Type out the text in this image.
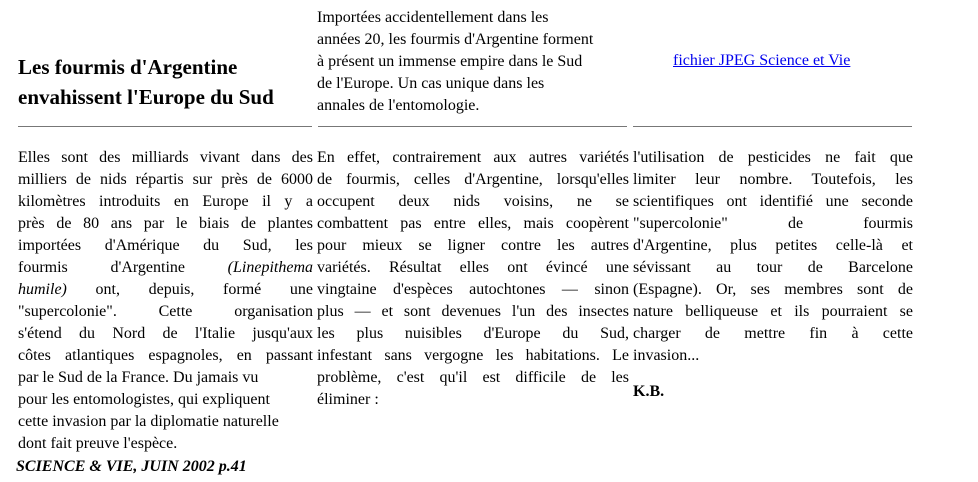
Les fourmis d'Argentine
envahissent l'Europe du Sud
Importées accidentellement dans les
années 20, les fourmis d'Argentine forment
à présent un immense empire dans le Sud
de l'Europe. Un cas unique dans les
annales de l'entomologie.
fichier JPEG Science et Vie
Elles sont des milliards vivant dans des
milliers de nids répartis sur près de 6000
kilomètres introduits en Europe il y a
près de 80 ans par le biais de plantes
importées d'Amérique du Sud, les
fourmis d'Argentine (Linepithema
humile) ont, depuis, formé une
"supercolonie". Cette organisation
s'étend du Nord de l'Italie jusqu'aux
côtes atlantiques espagnoles, en passant
par le Sud de la France. Du jamais vu
pour les entomologistes, qui expliquent
cette invasion par la diplomatie naturelle
dont fait preuve l'espèce.
En effet, contrairement aux autres variétés
de fourmis, celles d'Argentine, lorsqu'elles
occupent deux nids voisins, ne se
combattent pas entre elles, mais coopèrent
pour mieux se ligner contre les autres
variétés. Résultat elles ont évincé une
vingtaine d'espèces autochtones — sinon
plus — et sont devenues l'un des insectes
les plus nuisibles d'Europe du Sud,
infestant sans vergogne les habitations. Le
problème, c'est qu'il est difficile de les
éliminer :
l'utilisation de pesticides ne fait que
limiter leur nombre. Toutefois, les
scientifiques ont identifié une seconde
"supercolonie" de fourmis
d'Argentine, plus petites celle-là et
sévissant au tour de Barcelone
(Espagne). Or, ses membres sont de
nature belliqueuse et ils pourraient se
charger de mettre fin à cette
invasion...
K.B.
SCIENCE & VIE, JUIN 2002 p.41
